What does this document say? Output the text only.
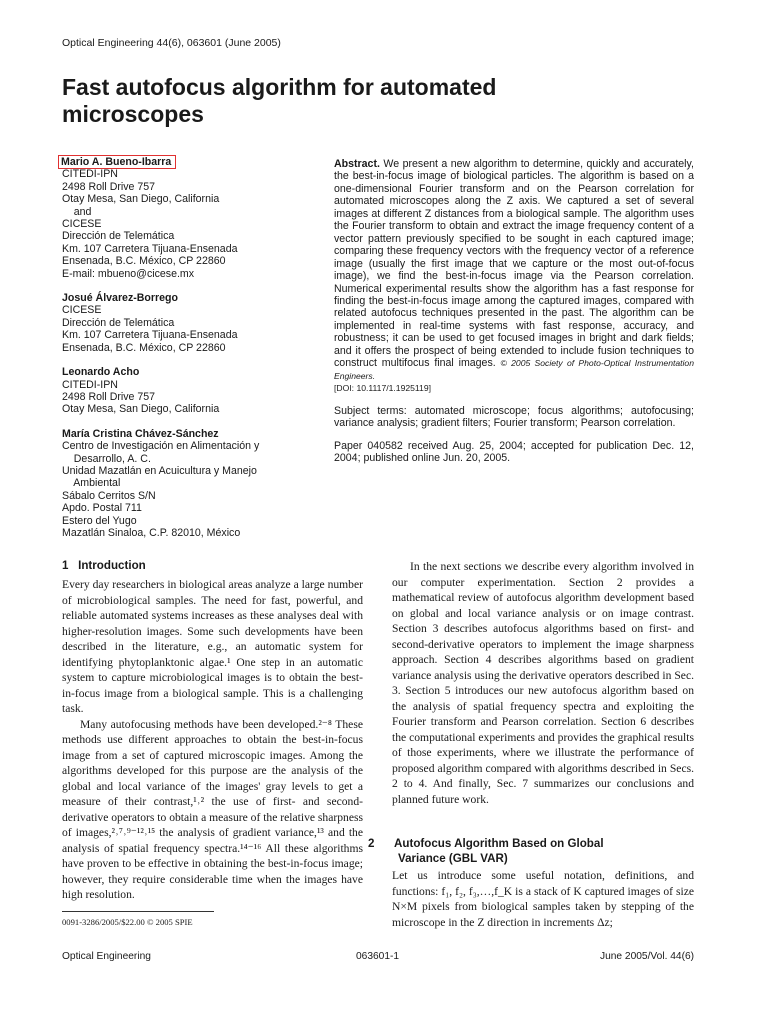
Optical Engineering 44(6), 063601 (June 2005)
Fast autofocus algorithm for automated microscopes
Mario A. Bueno-Ibarra
CITEDI-IPN
2498 Roll Drive 757
Otay Mesa, San Diego, California
and
CICESE
Dirección de Telemática
Km. 107 Carretera Tijuana-Ensenada
Ensenada, B.C. México, CP 22860
E-mail: mbueno@cicese.mx
Josué Álvarez-Borrego
CICESE
Dirección de Telemática
Km. 107 Carretera Tijuana-Ensenada
Ensenada, B.C. México, CP 22860
Leonardo Acho
CITEDI-IPN
2498 Roll Drive 757
Otay Mesa, San Diego, California
María Cristina Chávez-Sánchez
Centro de Investigación en Alimentación y
Desarrollo, A. C.
Unidad Mazatlán en Acuicultura y Manejo
Ambiental
Sábalo Cerritos S/N
Apdo. Postal 711
Estero del Yugo
Mazatlán Sinaloa, C.P. 82010, México
Abstract. We present a new algorithm to determine, quickly and accurately, the best-in-focus image of biological particles. The algorithm is based on a one-dimensional Fourier transform and on the Pearson correlation for automated microscopes along the Z axis. We captured a set of several images at different Z distances from a biological sample. The algorithm uses the Fourier transform to obtain and extract the image frequency content of a vector pattern previously specified to be sought in each captured image; comparing these frequency vectors with the frequency vector of a reference image (usually the first image that we capture or the most out-of-focus image), we find the best-in-focus image via the Pearson correlation. Numerical experimental results show the algorithm has a fast response for finding the best-in-focus image among the captured images, compared with related autofocus techniques presented in the past. The algorithm can be implemented in real-time systems with fast response, accuracy, and robustness; it can be used to get focused images in bright and dark fields; and it offers the prospect of being extended to include fusion techniques to construct multifocus final images. © 2005 Society of Photo-Optical Instrumentation Engineers.
[DOI: 10.1117/1.1925119]
Subject terms: automated microscope; focus algorithms; autofocusing; variance analysis; gradient filters; Fourier transform; Pearson correlation.
Paper 040582 received Aug. 25, 2004; accepted for publication Dec. 12, 2004; published online Jun. 20, 2005.
1 Introduction

Every day researchers in biological areas analyze a large number of microbiological samples. The need for fast, powerful, and reliable automated systems increases as these analyses deal with higher-resolution images. Some such developments have been described in the literature, e.g., an automatic system for identifying phytoplanktonic algae.¹ One step in an automatic system to capture microbiological images is to obtain the best-in-focus image from a biological sample. This is a challenging task.

Many autofocusing methods have been developed.²⁻⁸ These methods use different approaches to obtain the best-in-focus image from a set of captured microscopic images. Among the algorithms developed for this purpose are the analysis of the global and local variance of the images' gray levels to get a measure of their contrast,¹˒² the use of first- and second-derivative operators to obtain a measure of the relative sharpness of images,²˒⁷˒⁹⁻¹²˒¹⁵ the analysis of gradient variance,¹³ and the analysis of spatial frequency spectra.¹⁴⁻¹⁶ All these algorithms have proven to be effective in obtaining the best-in-focus image; however, they require considerable time when the images have high resolution.

In the next sections we describe every algorithm involved in our computer experimentation. Section 2 provides a mathematical review of autofocus algorithm development based on global and local variance analysis or on image contrast. Section 3 describes autofocus algorithms based on first- and second-derivative operators to implement the image sharpness approach. Section 4 describes algorithms based on gradient variance analysis using the derivative operators described in Sec. 3. Section 5 introduces our new autofocus algorithm based on the analysis of spatial frequency spectra and exploiting the Fourier transform and Pearson correlation. Section 6 describes the computational experiments and provides the graphical results of those experiments, where we illustrate the performance of proposed algorithm compared with algorithms described in Secs. 2 to 4. And finally, Sec. 7 summarizes our conclusions and planned future work.

2 Autofocus Algorithm Based on Global
Variance (GBL VAR)

Let us introduce some useful notation, definitions, and functions: f₁, f₂, f₃,…,f_K is a stack of K captured images of size N×M pixels from biological samples taken by stepping of the microscope in the Z direction in increments Δz;

0091-3286/2005/$22.00 © 2005 SPIE
Optical Engineering	063601-1	June 2005/Vol. 44(6)
